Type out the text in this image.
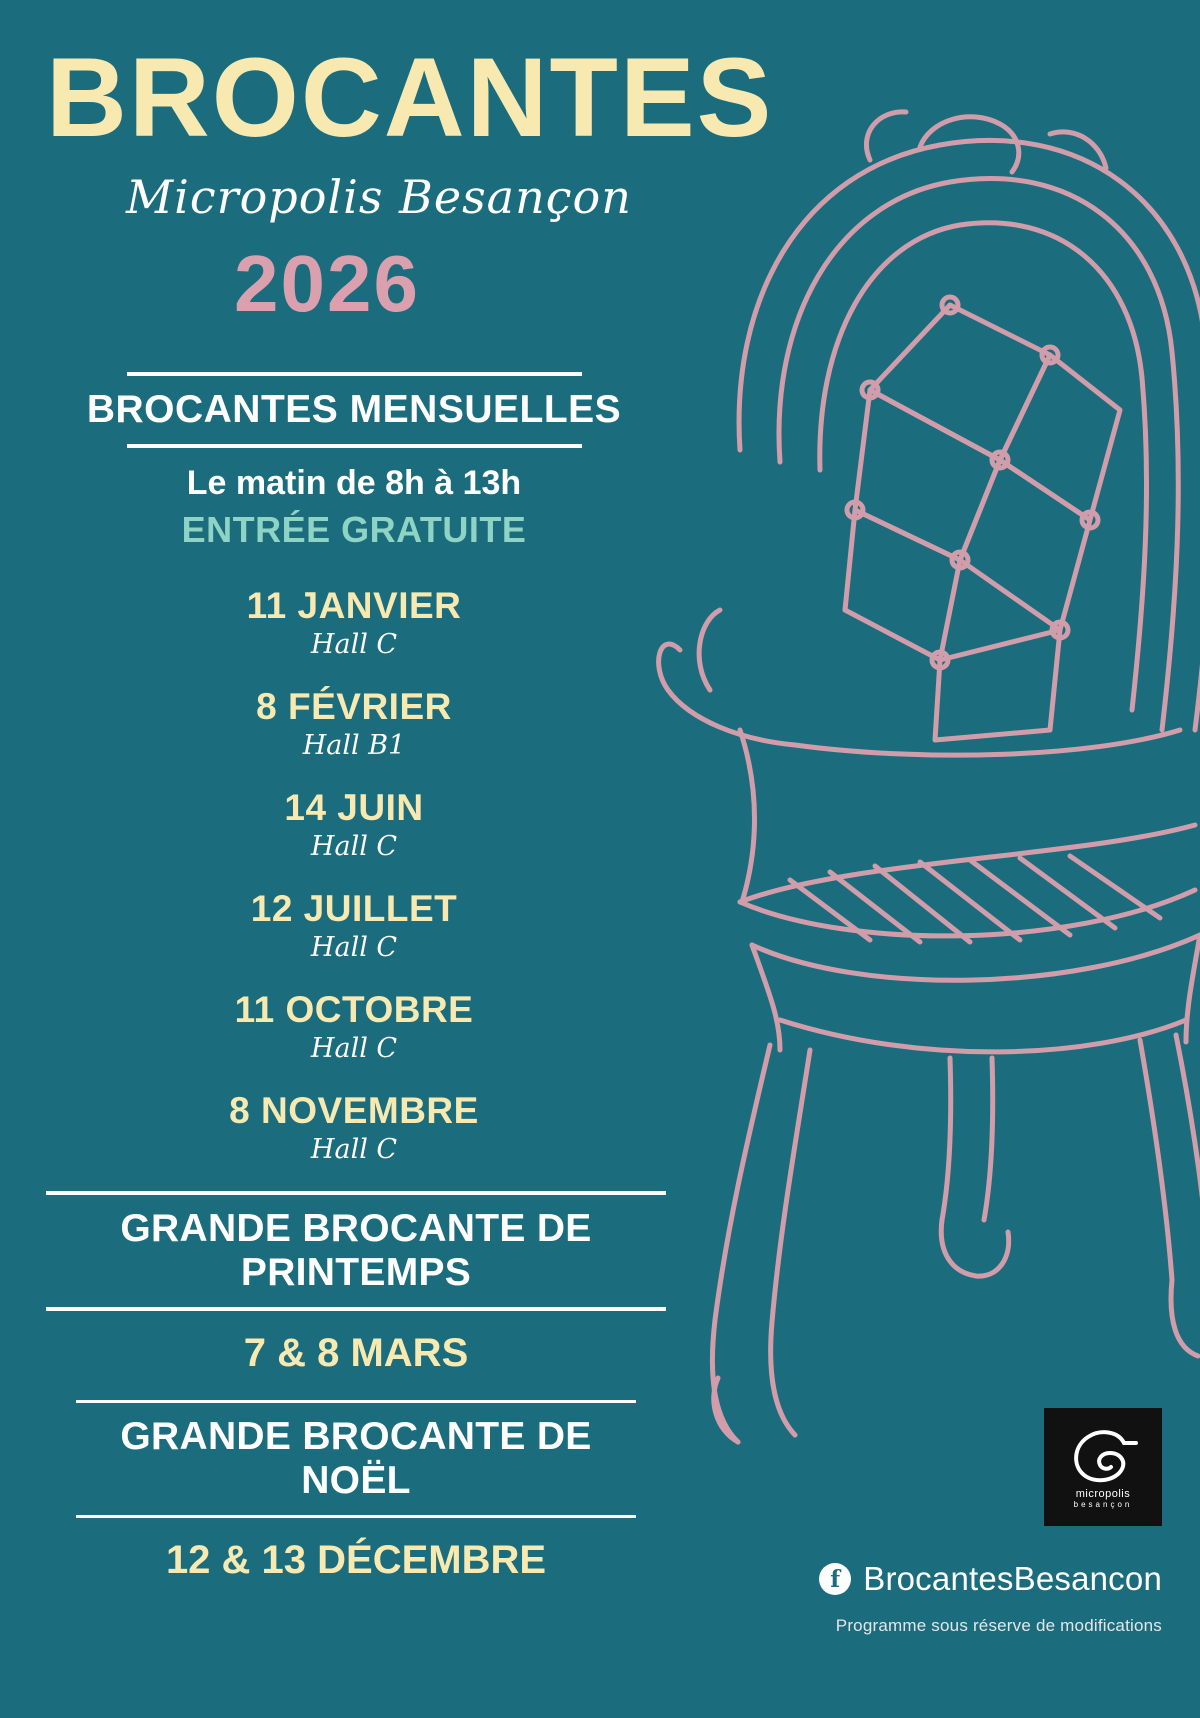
BROCANTES
Micropolis Besançon
2026
BROCANTES MENSUELLES
Le matin de 8h à 13h
ENTRÉE GRATUITE
11 JANVIER
Hall C
8 FÉVRIER
Hall B1
14 JUIN
Hall C
12 JUILLET
Hall C
11 OCTOBRE
Hall C
8 NOVEMBRE
Hall C
GRANDE BROCANTE DE PRINTEMPS
7 & 8 MARS
GRANDE BROCANTE DE NOËL
12 & 13 DÉCEMBRE
micropolis
besançon
f BrocantesBesancon
Programme sous réserve de modifications
